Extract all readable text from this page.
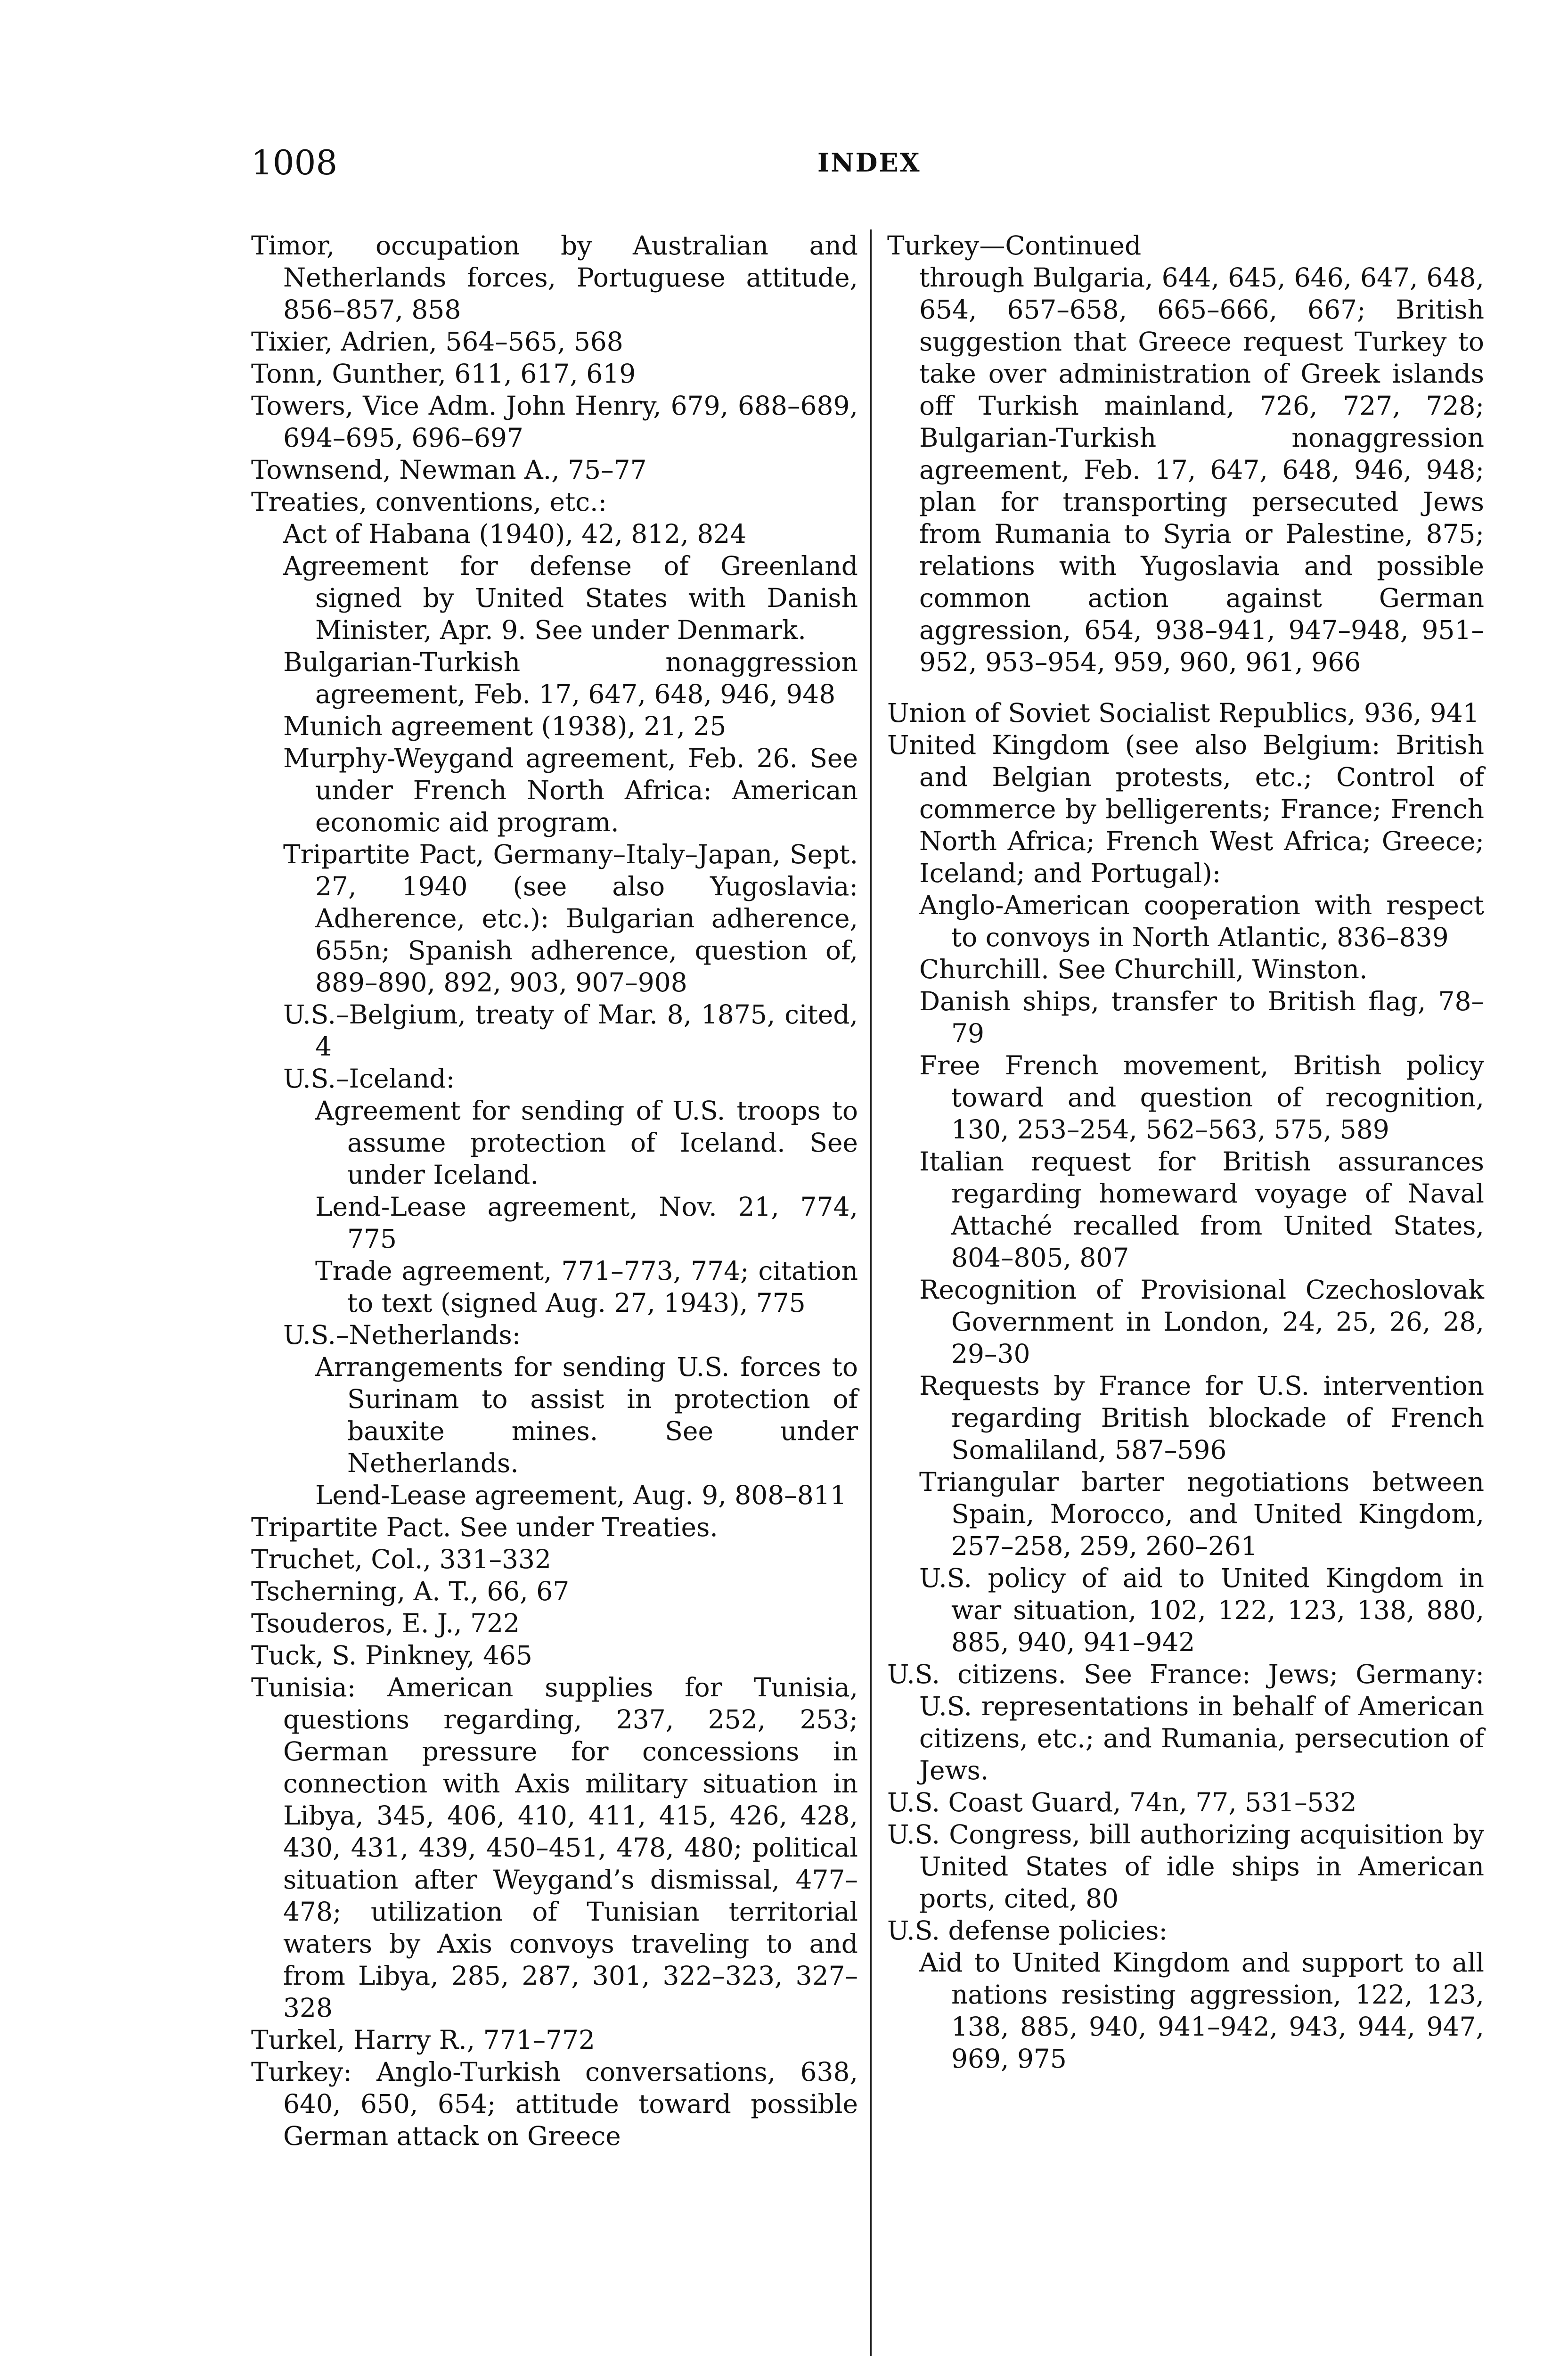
1008	INDEX

Timor, occupation by Australian and Netherlands forces, Portuguese attitude, 856–857, 858

Tixier, Adrien, 564–565, 568

Tonn, Gunther, 611, 617, 619

Towers, Vice Adm. John Henry, 679, 688–689, 694–695, 696–697

Townsend, Newman A., 75–77

Treaties, conventions, etc.:

Act of Habana (1940), 42, 812, 824

Agreement for defense of Greenland signed by United States with Danish Minister, Apr. 9. See under Denmark.

Bulgarian-Turkish nonaggression agreement, Feb. 17, 647, 648, 946, 948

Munich agreement (1938), 21, 25

Murphy-Weygand agreement, Feb. 26. See under French North Africa: American economic aid program.

Tripartite Pact, Germany–Italy–Japan, Sept. 27, 1940 (see also Yugoslavia: Adherence, etc.): Bulgarian adherence, 655n; Spanish adherence, question of, 889–890, 892, 903, 907–908

U.S.–Belgium, treaty of Mar. 8, 1875, cited, 4

U.S.–Iceland:

Agreement for sending of U.S. troops to assume protection of Iceland. See under Iceland.

Lend-Lease agreement, Nov. 21, 774, 775

Trade agreement, 771–773, 774; citation to text (signed Aug. 27, 1943), 775

U.S.–Netherlands:

Arrangements for sending U.S. forces to Surinam to assist in protection of bauxite mines. See under Netherlands.

Lend-Lease agreement, Aug. 9, 808–811

Tripartite Pact. See under Treaties.

Truchet, Col., 331–332

Tscherning, A. T., 66, 67

Tsouderos, E. J., 722

Tuck, S. Pinkney, 465

Tunisia: American supplies for Tunisia, questions regarding, 237, 252, 253; German pressure for concessions in connection with Axis military situation in Libya, 345, 406, 410, 411, 415, 426, 428, 430, 431, 439, 450–451, 478, 480; political situation after Weygand’s dismissal, 477–478; utilization of Tunisian territorial waters by Axis convoys traveling to and from Libya, 285, 287, 301, 322–323, 327–328

Turkel, Harry R., 771–772

Turkey: Anglo-Turkish conversations, 638, 640, 650, 654; attitude toward possible German attack on Greece

Turkey—Continued

through Bulgaria, 644, 645, 646, 647, 648, 654, 657–658, 665–666, 667; British suggestion that Greece request Turkey to take over administration of Greek islands off Turkish mainland, 726, 727, 728; Bulgarian-Turkish nonaggression agreement, Feb. 17, 647, 648, 946, 948; plan for transporting persecuted Jews from Rumania to Syria or Palestine, 875; relations with Yugoslavia and possible common action against German aggression, 654, 938–941, 947–948, 951–952, 953–954, 959, 960, 961, 966

Union of Soviet Socialist Republics, 936, 941

United Kingdom (see also Belgium: British and Belgian protests, etc.; Control of commerce by belligerents; France; French North Africa; French West Africa; Greece; Iceland; and Portugal):

Anglo-American cooperation with respect to convoys in North Atlantic, 836–839

Churchill. See Churchill, Winston.

Danish ships, transfer to British flag, 78–79

Free French movement, British policy toward and question of recognition, 130, 253–254, 562–563, 575, 589

Italian request for British assurances regarding homeward voyage of Naval Attaché recalled from United States, 804–805, 807

Recognition of Provisional Czechoslovak Government in London, 24, 25, 26, 28, 29–30

Requests by France for U.S. intervention regarding British blockade of French Somaliland, 587–596

Triangular barter negotiations between Spain, Morocco, and United Kingdom, 257–258, 259, 260–261

U.S. policy of aid to United Kingdom in war situation, 102, 122, 123, 138, 880, 885, 940, 941–942

U.S. citizens. See France: Jews; Germany: U.S. representations in behalf of American citizens, etc.; and Rumania, persecution of Jews.

U.S. Coast Guard, 74n, 77, 531–532

U.S. Congress, bill authorizing acquisition by United States of idle ships in American ports, cited, 80

U.S. defense policies:

Aid to United Kingdom and support to all nations resisting aggression, 122, 123, 138, 885, 940, 941–942, 943, 944, 947, 969, 975
